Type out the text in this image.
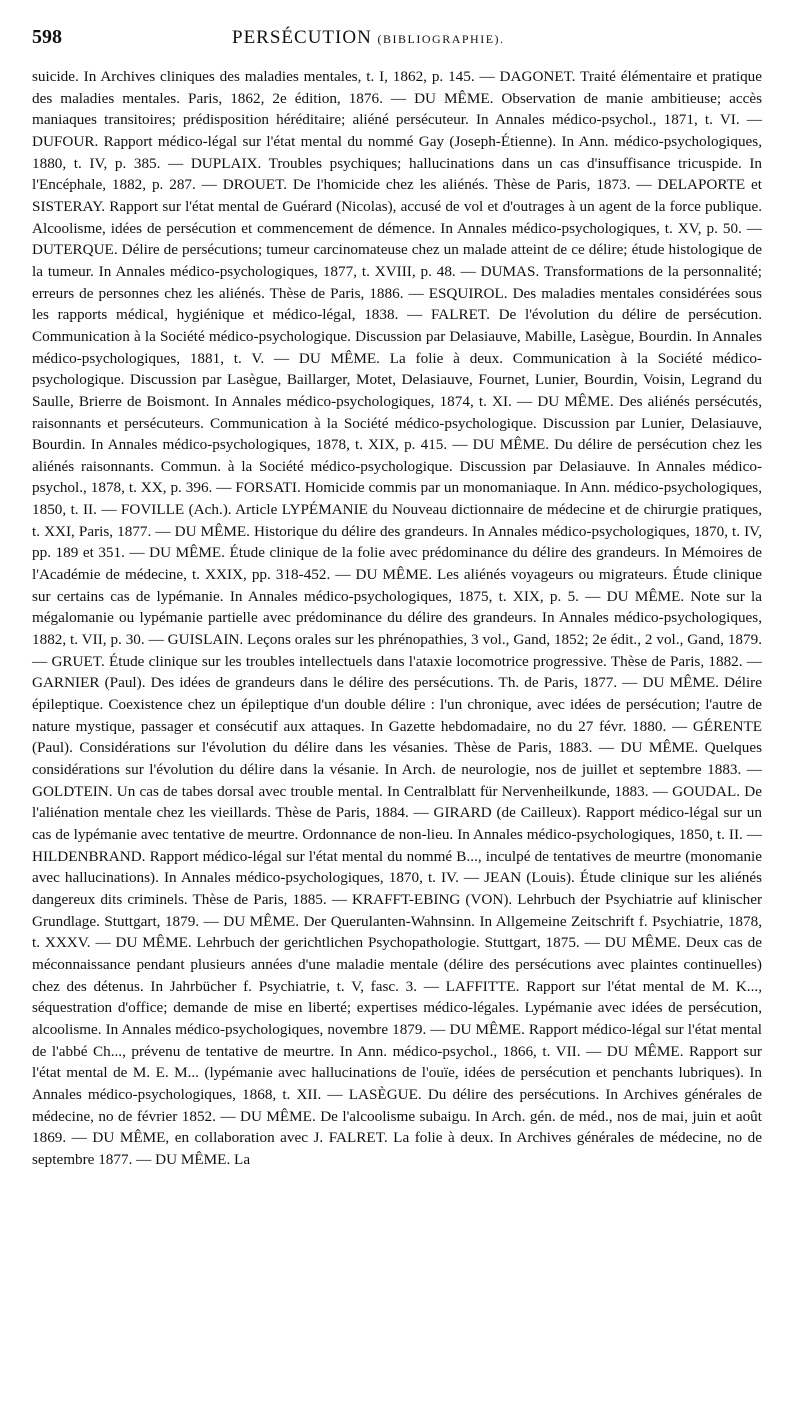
598	PERSÉCUTION (BIBLIOGRAPHIE).

suicide. In Archives cliniques des maladies mentales, t. I, 1862, p. 145. — DAGONET. Traité élémentaire et pratique des maladies mentales. Paris, 1862, 2e édition, 1876. — DU MÊME. Observation de manie ambitieuse; accès maniaques transitoires; prédisposition héréditaire; aliéné persécuteur. In Annales médico-psychol., 1871, t. VI. — DUFOUR. Rapport médico-légal sur l'état mental du nommé Gay (Joseph-Étienne). In Ann. médico-psychologiques, 1880, t. IV, p. 385. — DUPLAIX. Troubles psychiques; hallucinations dans un cas d'insuffisance tricuspide. In l'Encéphale, 1882, p. 287. — DROUET. De l'homicide chez les aliénés. Thèse de Paris, 1873. — DELAPORTE et SISTERAY. Rapport sur l'état mental de Guérard (Nicolas), accusé de vol et d'outrages à un agent de la force publique. Alcoolisme, idées de persécution et commencement de démence. In Annales médico-psychologiques, t. XV, p. 50. — DUTERQUE. Délire de persécutions; tumeur carcinomateuse chez un malade atteint de ce délire; étude histologique de la tumeur. In Annales médico-psychologiques, 1877, t. XVIII, p. 48. — DUMAS. Transformations de la personnalité; erreurs de personnes chez les aliénés. Thèse de Paris, 1886. — ESQUIROL. Des maladies mentales considérées sous les rapports médical, hygiénique et médico-légal, 1838. — FALRET. De l'évolution du délire de persécution. Communication à la Société médico-psychologique. Discussion par Delasiauve, Mabille, Lasègue, Bourdin. In Annales médico-psychologiques, 1881, t. V. — DU MÊME. La folie à deux. Communication à la Société médico-psychologique. Discussion par Lasègue, Baillarger, Motet, Delasiauve, Fournet, Lunier, Bourdin, Voisin, Legrand du Saulle, Brierre de Boismont. In Annales médico-psychologiques, 1874, t. XI. — DU MÊME. Des aliénés persécutés, raisonnants et persécuteurs. Communication à la Société médico-psychologique. Discussion par Lunier, Delasiauve, Bourdin. In Annales médico-psychologiques, 1878, t. XIX, p. 415. — DU MÊME. Du délire de persécution chez les aliénés raisonnants. Commun. à la Société médico-psychologique. Discussion par Delasiauve. In Annales médico-psychol., 1878, t. XX, p. 396. — FORSATI. Homicide commis par un monomaniaque. In Ann. médico-psychologiques, 1850, t. II. — FOVILLE (Ach.). Article LYPÉMANIE du Nouveau dictionnaire de médecine et de chirurgie pratiques, t. XXI, Paris, 1877. — DU MÊME. Historique du délire des grandeurs. In Annales médico-psychologiques, 1870, t. IV, pp. 189 et 351. — DU MÊME. Étude clinique de la folie avec prédominance du délire des grandeurs. In Mémoires de l'Académie de médecine, t. XXIX, pp. 318-452. — DU MÊME. Les aliénés voyageurs ou migrateurs. Étude clinique sur certains cas de lypémanie. In Annales médico-psychologiques, 1875, t. XIX, p. 5. — DU MÊME. Note sur la mégalomanie ou lypémanie partielle avec prédominance du délire des grandeurs. In Annales médico-psychologiques, 1882, t. VII, p. 30. — GUISLAIN. Leçons orales sur les phrénopathies, 3 vol., Gand, 1852; 2e édit., 2 vol., Gand, 1879. — GRUET. Étude clinique sur les troubles intellectuels dans l'ataxie locomotrice progressive. Thèse de Paris, 1882. — GARNIER (Paul). Des idées de grandeurs dans le délire des persécutions. Th. de Paris, 1877. — DU MÊME. Délire épileptique. Coexistence chez un épileptique d'un double délire : l'un chronique, avec idées de persécution; l'autre de nature mystique, passager et consécutif aux attaques. In Gazette hebdomadaire, no du 27 févr. 1880. — GÉRENTE (Paul). Considérations sur l'évolution du délire dans les vésanies. Thèse de Paris, 1883. — DU MÊME. Quelques considérations sur l'évolution du délire dans la vésanie. In Arch. de neurologie, nos de juillet et septembre 1883. — GOLDTEIN. Un cas de tabes dorsal avec trouble mental. In Centralblatt für Nervenheilkunde, 1883. — GOUDAL. De l'aliénation mentale chez les vieillards. Thèse de Paris, 1884. — GIRARD (de Cailleux). Rapport médico-légal sur un cas de lypémanie avec tentative de meurtre. Ordonnance de non-lieu. In Annales médico-psychologiques, 1850, t. II. — HILDENBRAND. Rapport médico-légal sur l'état mental du nommé B..., inculpé de tentatives de meurtre (monomanie avec hallucinations). In Annales médico-psychologiques, 1870, t. IV. — JEAN (Louis). Étude clinique sur les aliénés dangereux dits criminels. Thèse de Paris, 1885. — KRAFFT-EBING (VON). Lehrbuch der Psychiatrie auf klinischer Grundlage. Stuttgart, 1879. — DU MÊME. Der Querulanten-Wahnsinn. In Allgemeine Zeitschrift f. Psychiatrie, 1878, t. XXXV. — DU MÊME. Lehrbuch der gerichtlichen Psychopathologie. Stuttgart, 1875. — DU MÊME. Deux cas de méconnaissance pendant plusieurs années d'une maladie mentale (délire des persécutions avec plaintes continuelles) chez des détenus. In Jahrbücher f. Psychiatrie, t. V, fasc. 3. — LAFFITTE. Rapport sur l'état mental de M. K..., séquestration d'office; demande de mise en liberté; expertises médico-légales. Lypémanie avec idées de persécution, alcoolisme. In Annales médico-psychologiques, novembre 1879. — DU MÊME. Rapport médico-légal sur l'état mental de l'abbé Ch..., prévenu de tentative de meurtre. In Ann. médico-psychol., 1866, t. VII. — DU MÊME. Rapport sur l'état mental de M. E. M... (lypémanie avec hallucinations de l'ouïe, idées de persécution et penchants lubriques). In Annales médico-psychologiques, 1868, t. XII. — LASÈGUE. Du délire des persécutions. In Archives générales de médecine, no de février 1852. — DU MÊME. De l'alcoolisme subaigu. In Arch. gén. de méd., nos de mai, juin et août 1869. — DU MÊME, en collaboration avec J. FALRET. La folie à deux. In Archives générales de médecine, no de septembre 1877. — DU MÊME. La
